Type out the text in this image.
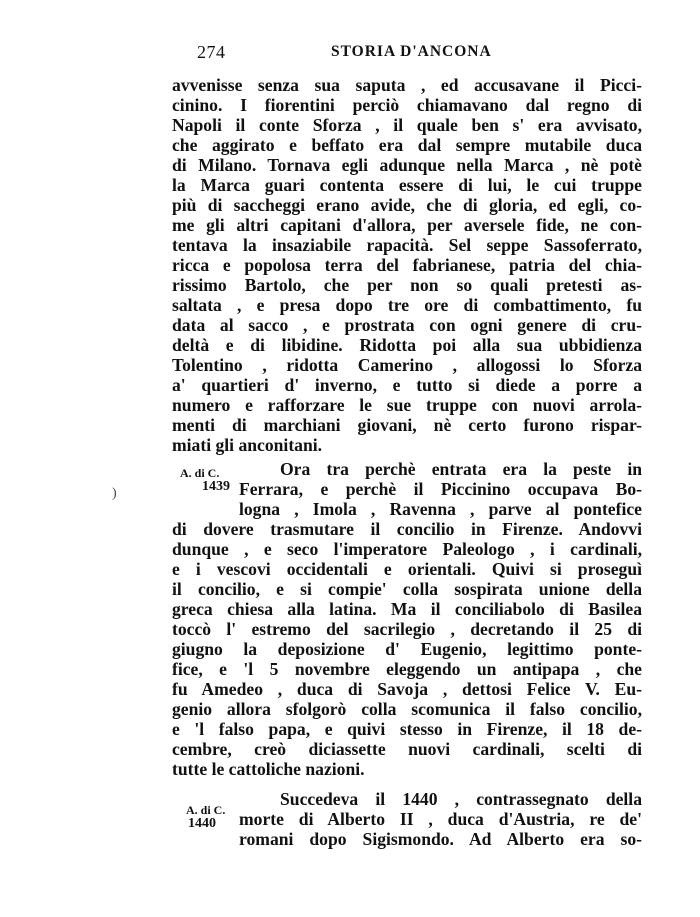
274	STORIA D'ANCONA
avvenisse senza sua saputa , ed accusavane il Picci-
cinino. I fiorentini perciò chiamavano dal regno di
Napoli il conte Sforza , il quale ben s' era avvisato,
che aggirato e beffato era dal sempre mutabile duca
di Milano. Tornava egli adunque nella Marca , nè potè
la Marca guari contenta essere di lui, le cui truppe
più di saccheggi erano avide, che di gloria, ed egli, co-
me gli altri capitani d'allora, per aversele fide, ne con-
tentava la insaziabile rapacità. Sel seppe Sassoferrato,
ricca e popolosa terra del fabrianese, patria del chia-
rissimo Bartolo, che per non so quali pretesti as-
saltata , e presa dopo tre ore di combattimento, fu
data al sacco , e prostrata con ogni genere di cru-
deltà e di libidine. Ridotta poi alla sua ubbidienza
Tolentino , ridotta Camerino , allogossi lo Sforza
a' quartieri d' inverno, e tutto si diede a porre a
numero e rafforzare le sue truppe con nuovi arrola-
menti di marchiani giovani, nè certo furono rispar-
miati gli anconitani.
Ora tra perchè entrata era la peste in
Ferrara, e perchè il Piccinino occupava Bo-
logna , Imola , Ravenna , parve al pontefice
di dovere trasmutare il concilio in Firenze. Andovvi
dunque , e seco l'imperatore Paleologo , i cardinali,
e i vescovi occidentali e orientali. Quivi si proseguì
il concilio, e si compie' colla sospirata unione della
greca chiesa alla latina. Ma il conciliabolo di Basilea
toccò l' estremo del sacrilegio , decretando il 25 di
giugno la deposizione d' Eugenio, legittimo ponte-
fice, e 'l 5 novembre eleggendo un antipapa , che
fu Amedeo , duca di Savoja , dettosi Felice V. Eu-
genio allora sfolgorò colla scomunica il falso concilio,
e 'l falso papa, e quivi stesso in Firenze, il 18 de-
cembre, creò diciassette nuovi cardinali, scelti di
tutte le cattoliche nazioni.
Succedeva il 1440 , contrassegnato della
morte di Alberto II , duca d'Austria, re de'
romani dopo Sigismondo. Ad Alberto era so-
A. di C.
1439
A. di C.
1440
)
